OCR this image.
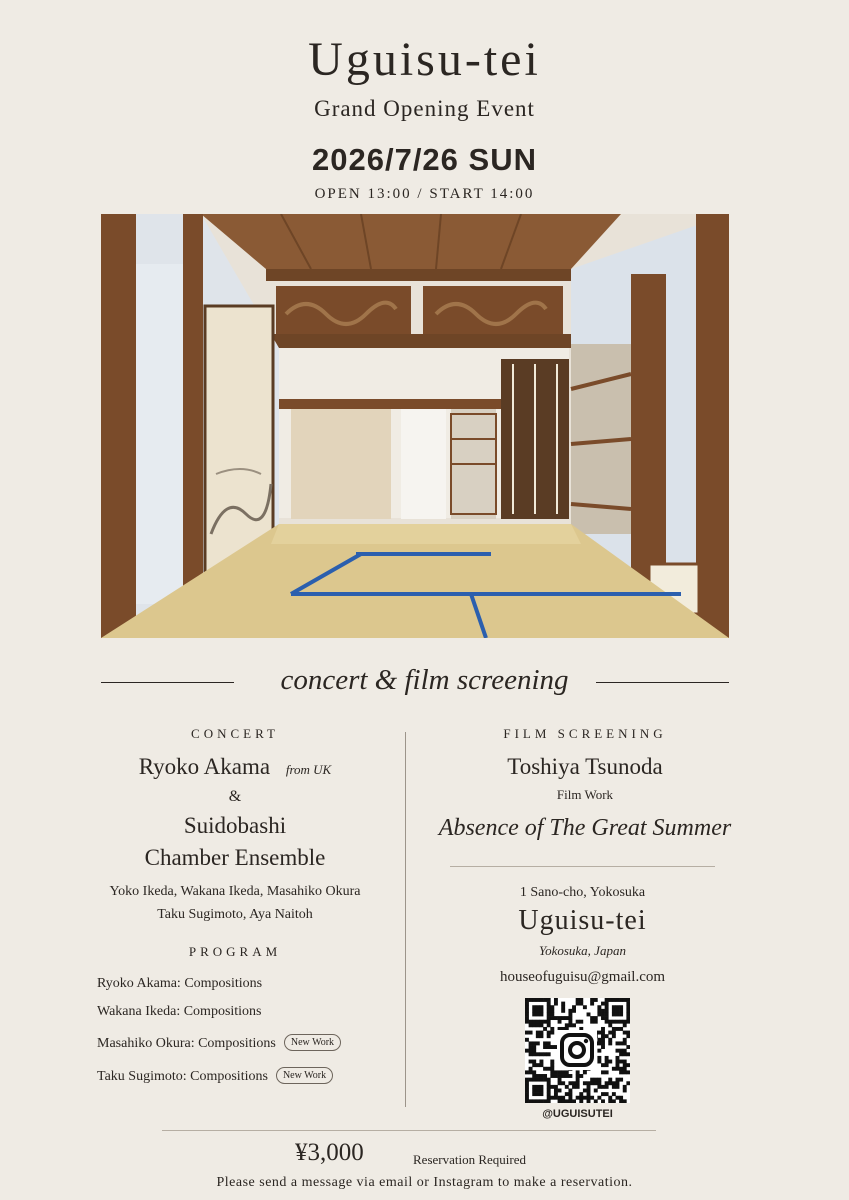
Uguisu-tei
Grand Opening Event
2026/7/26 SUN
OPEN 13:00 / START 14:00
concert & film screening
CONCERT
Ryoko Akama from UK
&
Suidobashi
Chamber Ensemble
Yoko Ikeda, Wakana Ikeda, Masahiko Okura
Taku Sugimoto, Aya Naitoh
PROGRAM
Ryoko Akama: Compositions
Wakana Ikeda: Compositions
Masahiko Okura: Compositions New Work
Taku Sugimoto: Compositions New Work
FILM SCREENING
Toshiya Tsunoda
Film Work
Absence of The Great Summer
1 Sano-cho, Yokosuka
Uguisu-tei
Yokosuka, Japan
houseofuguisu@gmail.com
@UGUISUTEI
¥3,000	Reservation Required
Please send a message via email or Instagram to make a reservation.
